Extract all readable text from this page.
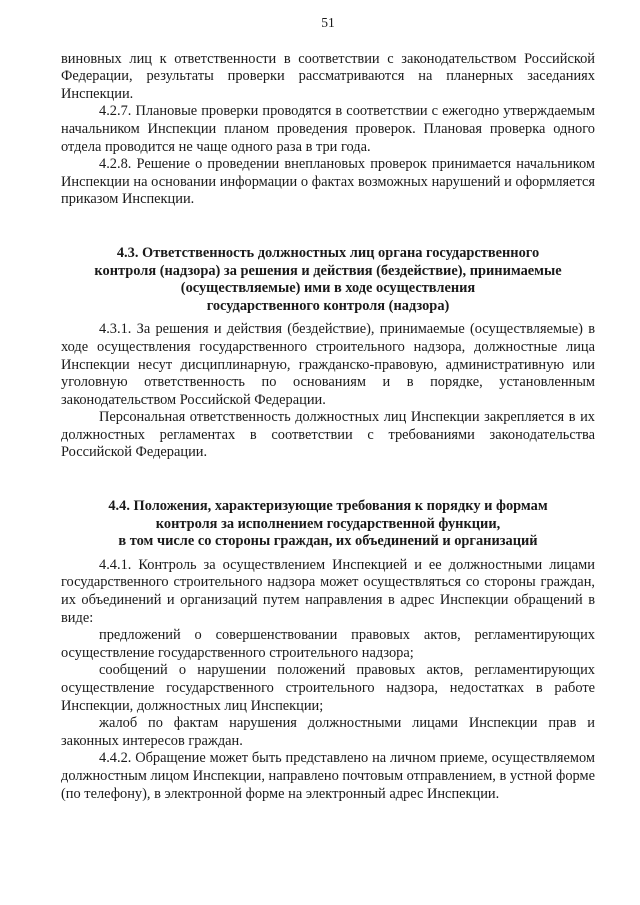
51

виновных лиц к ответственности в соответствии с законодательством Российской Федерации, результаты проверки рассматриваются на планерных заседаниях Инспекции.

4.2.7. Плановые проверки проводятся в соответствии с ежегодно утверждаемым начальником Инспекции планом проведения проверок. Плановая проверка одного отдела проводится не чаще одного раза в три года.

4.2.8. Решение о проведении внеплановых проверок принимается начальником Инспекции на основании информации о фактах возможных нарушений и оформляется приказом Инспекции.

4.3. Ответственность должностных лиц органа государственного
контроля (надзора) за решения и действия (бездействие), принимаемые
(осуществляемые) ими в ходе осуществления
государственного контроля (надзора)

4.3.1. За решения и действия (бездействие), принимаемые (осуществляемые) в ходе осуществления государственного строительного надзора, должностные лица Инспекции несут дисциплинарную, гражданско-правовую, административную или уголовную ответственность по основаниям и в порядке, установленным законодательством Российской Федерации.

Персональная ответственность должностных лиц Инспекции закрепляется в их должностных регламентах в соответствии с требованиями законодательства Российской Федерации.

4.4. Положения, характеризующие требования к порядку и формам
контроля за исполнением государственной функции,
в том числе со стороны граждан, их объединений и организаций

4.4.1. Контроль за осуществлением Инспекцией и ее должностными лицами государственного строительного надзора может осуществляться со стороны граждан, их объединений и организаций путем направления в адрес Инспекции обращений в виде:

предложений о совершенствовании правовых актов, регламентирующих осуществление государственного строительного надзора;

сообщений о нарушении положений правовых актов, регламентирующих осуществление государственного строительного надзора, недостатках в работе Инспекции, должностных лиц Инспекции;

жалоб по фактам нарушения должностными лицами Инспекции прав и законных интересов граждан.

4.4.2. Обращение может быть представлено на личном приеме, осуществляемом должностным лицом Инспекции, направлено почтовым отправлением, в устной форме (по телефону), в электронной форме на электронный адрес Инспекции.
